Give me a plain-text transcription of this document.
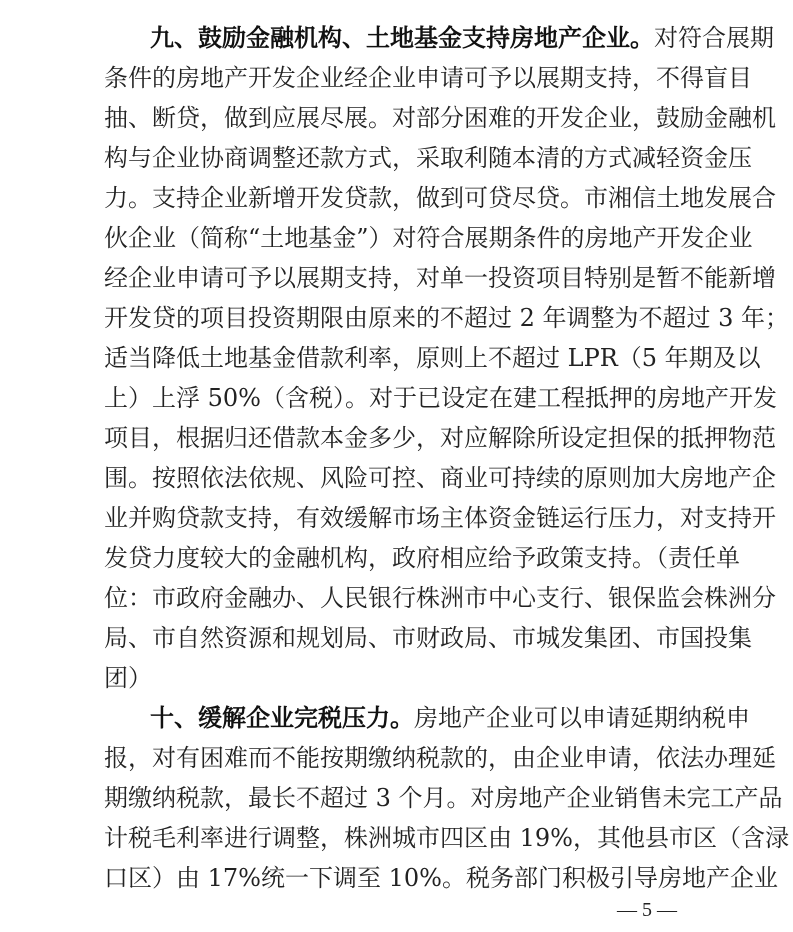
九、鼓励金融机构、土地基金支持房地产企业。对符合展期
条件的房地产开发企业经企业申请可予以展期支持，不得盲目
抽、断贷，做到应展尽展。对部分困难的开发企业，鼓励金融机
构与企业协商调整还款方式，采取利随本清的方式减轻资金压
力。支持企业新增开发贷款，做到可贷尽贷。市湘信土地发展合
伙企业（简称“土地基金”）对符合展期条件的房地产开发企业
经企业申请可予以展期支持，对单一投资项目特别是暂不能新增
开发贷的项目投资期限由原来的不超过 2 年调整为不超过 3 年；
适当降低土地基金借款利率，原则上不超过 LPR（5 年期及以
上）上浮 50%（含税）。对于已设定在建工程抵押的房地产开发
项目，根据归还借款本金多少，对应解除所设定担保的抵押物范
围。按照依法依规、风险可控、商业可持续的原则加大房地产企
业并购贷款支持，有效缓解市场主体资金链运行压力，对支持开
发贷力度较大的金融机构，政府相应给予政策支持。（责任单
位：市政府金融办、人民银行株洲市中心支行、银保监会株洲分
局、市自然资源和规划局、市财政局、市城发集团、市国投集
团）
十、缓解企业完税压力。房地产企业可以申请延期纳税申
报，对有困难而不能按期缴纳税款的，由企业申请，依法办理延
期缴纳税款，最长不超过 3 个月。对房地产企业销售未完工产品
计税毛利率进行调整，株洲城市四区由 19%，其他县市区（含渌
口区）由 17%统一下调至 10%。税务部门积极引导房地产企业
— 5 —
